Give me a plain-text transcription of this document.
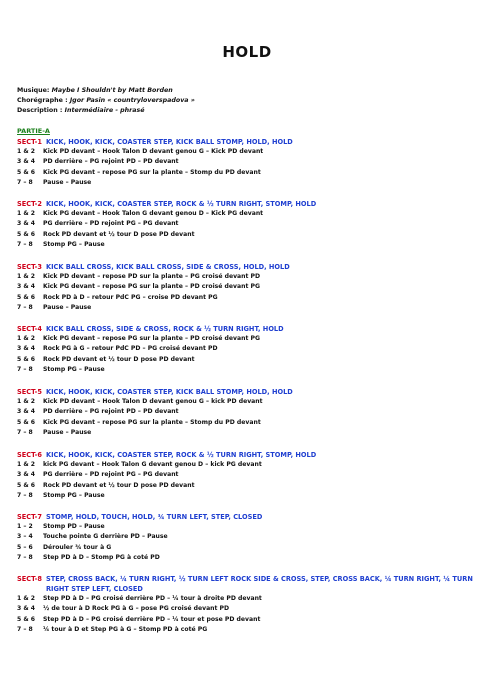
HOLD
Musique: Maybe I Shouldn't by Matt Borden
Chorégraphe : Jgor Pasin « countryloverspadova »
Description : Intermédiaire - phrasé
PARTIE-A
SECT-1 KICK, HOOK, KICK, COASTER STEP, KICK BALL STOMP, HOLD, HOLD
1 & 2	Kick PD devant – Hook Talon D devant genou G – Kick PD devant
3 & 4	PD derrière – PG rejoint PD – PD devant
5 & 6	Kick PG devant – repose PG sur la plante – Stomp du PD devant
7 – 8	Pause – Pause
SECT-2 KICK, HOOK, KICK, COASTER STEP, ROCK & ½ TURN RIGHT, STOMP, HOLD
1 & 2	Kick PG devant – Hook Talon G devant genou D – Kick PG devant
3 & 4	PG derrière – PD rejoint PG – PG devant
5 & 6	Rock PD devant et ½ tour D pose PD devant
7 – 8	Stomp PG – Pause
SECT-3 KICK BALL CROSS, KICK BALL CROSS, SIDE & CROSS, HOLD, HOLD
1 & 2	Kick PD devant – repose PD sur la plante – PG croisé devant PD
3 & 4	Kick PG devant – repose PG sur la plante – PD croisé devant PG
5 & 6	Rock PD à D – retour PdC PG – croise PD devant PG
7 – 8	Pause – Pause
SECT-4 KICK BALL CROSS, SIDE & CROSS, ROCK & ½ TURN RIGHT, HOLD
1 & 2	Kick PG devant – repose PG sur la plante – PD croisé devant PG
3 & 4	Rock PG à G – retour PdC PD – PG croisé devant PD
5 & 6	Rock PD devant et ½ tour D pose PD devant
7 – 8	Stomp PG – Pause
SECT-5 KICK, HOOK, KICK, COASTER STEP, KICK BALL STOMP, HOLD, HOLD
1 & 2	Kick PD devant – Hook Talon D devant genou G – kick PD devant
3 & 4	PD derrière – PG rejoint PD – PD devant
5 & 6	Kick PG devant – repose PG sur la plante – Stomp du PD devant
7 – 8	Pause – Pause
SECT-6 KICK, HOOK, KICK, COASTER STEP, ROCK & ½ TURN RIGHT, STOMP, HOLD
1 & 2	kick PG devant – Hook Talon G devant genou D – kick PG devant
3 & 4	PG derrière – PD rejoint PG – PG devant
5 & 6	Rock PD devant et ½ tour D pose PD devant
7 – 8	Stomp PG – Pause
SECT-7 STOMP, HOLD, TOUCH, HOLD, ¾ TURN LEFT, STEP, CLOSED
1 – 2	Stomp PD – Pause
3 – 4	Touche pointe G derrière PD – Pause
5 – 6	Dérouler ¾ tour à G
7 – 8	Step PD à D – Stomp PG à coté PD
SECT-8 STEP, CROSS BACK, ¼ TURN RIGHT, ½ TURN LEFT ROCK SIDE & CROSS, STEP, CROSS BACK, ¼ TURN RIGHT, ¼ TURN RIGHT STEP LEFT, CLOSED
1 & 2	Step PD à D – PG croisé derrière PD – ¼ tour à droite PD devant
3 & 4	½ de tour à D Rock PG à G – pose PG croisé devant PD
5 & 6	Step PD à D – PG croisé derrière PD – ¼ tour et pose PD devant
7 – 8	¼ tour à D et Step PG à G – Stomp PD à coté PG
